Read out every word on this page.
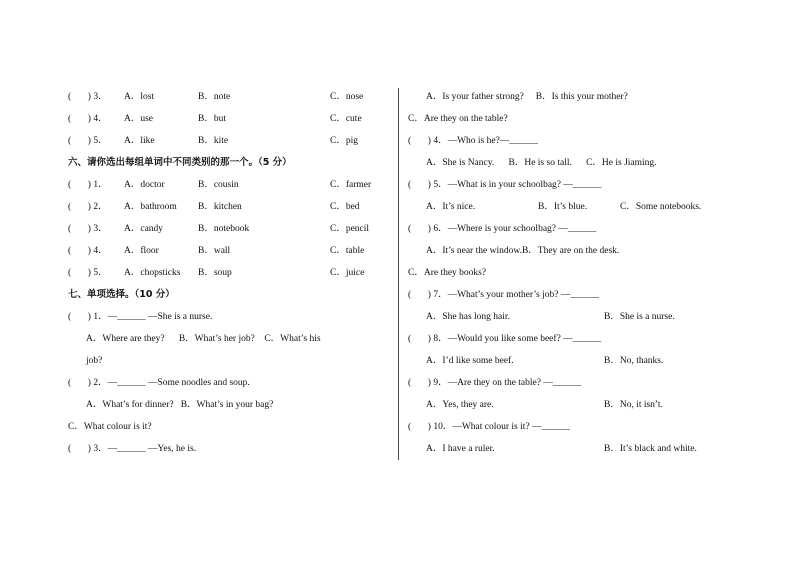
(       ) 3． A．lost	B．note	C．nose
(       ) 4． A．use	B．but	C．cute
(       ) 5． A．like	B．kite	C．pig
六、请你选出每组单词中不同类别的那一个。（5 分）
(       ) 1． A．doctor	B．cousin	C．farmer
(       ) 2． A．bathroom B．kitchen	C．bed
(       ) 3． A．candy	B．notebook	C．pencil
(       ) 4． A．floor	B．wall	C．table
(       ) 5． A．chopsticks B．soup	C．juice
七、单项选择。（10 分）
(       ) 1．—______ —She is a nurse.
A．Where are they?      B．What’s her job?    C．What’s his
job?
(       ) 2．—______ —Some noodles and soup.
A．What’s for dinner?   B．What’s in your bag?
C．What colour is it?
(       ) 3．—______ —Yes, he is.
A．Is your father strong?     B．Is this your mother?
C．Are they on the table?
(       ) 4．—Who is he?—______
A．She is Nancy.      B．He is so tall.      C．He is Jiaming.
(       ) 5．—What is in your schoolbag? —______
A．It’s nice.	B．It’s blue.	C．Some notebooks.
(       ) 6．—Where is your schoolbag? —______
A．It’s near the window.B．They are on the desk.
C．Are they books?
(       ) 7．—What’s your mother’s job? —______
A．She has long hair.	B．She is a nurse.
(       ) 8．—Would you like some beef? —______
A．I’d like some beef.	B．No, thanks.
(       ) 9．—Are they on the table? —______
A．Yes, they are.	B．No, it isn’t.
(       ) 10．—What colour is it? —______
A．I have a ruler.	B．It’s black and white.
